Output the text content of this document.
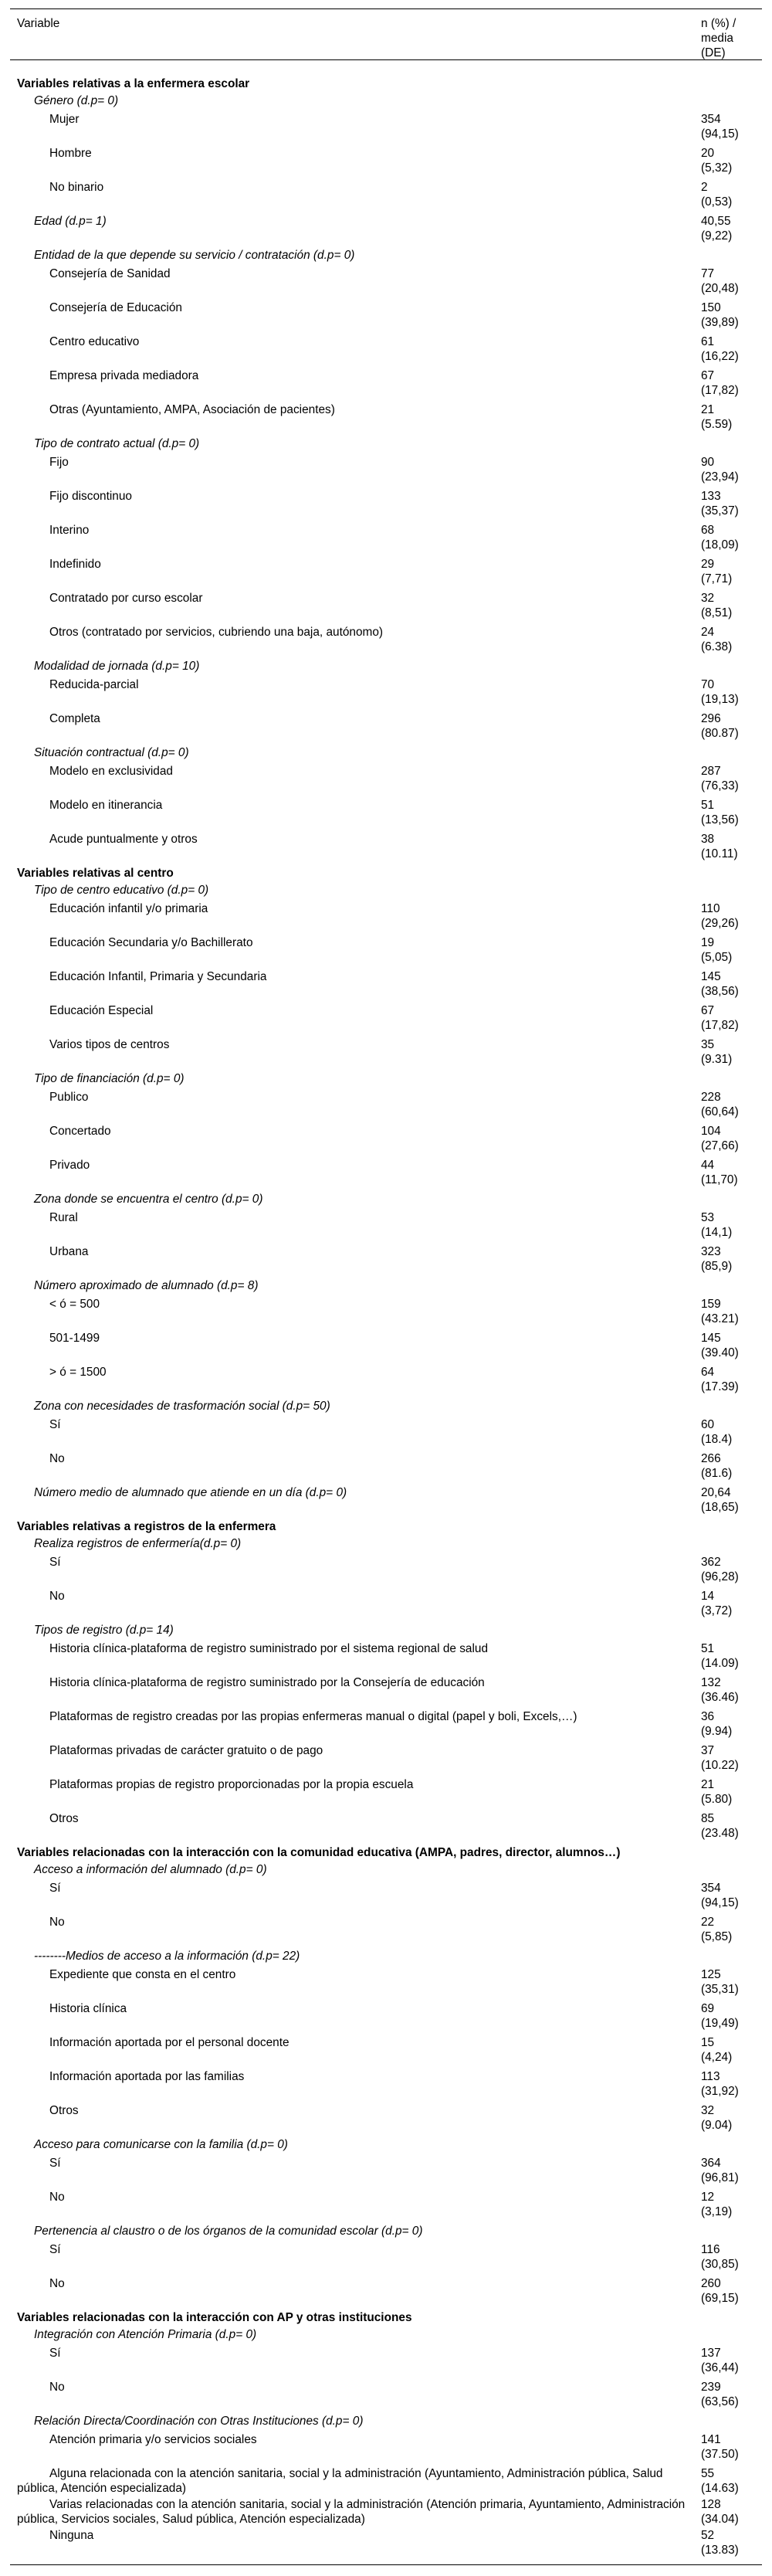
Variable	n (%) /
media
(DE)
Variables relativas a la enfermera escolar
Género (d.p= 0)
Mujer	354
(94,15)
Hombre	20
(5,32)
No binario	2
(0,53)
Edad (d.p= 1)	40,55
(9,22)
Entidad de la que depende su servicio / contratación (d.p= 0)
Consejería de Sanidad	77
(20,48)
Consejería de Educación	150
(39,89)
Centro educativo	61
(16,22)
Empresa privada mediadora	67
(17,82)
Otras (Ayuntamiento, AMPA, Asociación de pacientes)	21
(5.59)
Tipo de contrato actual (d.p= 0)
Fijo	90
(23,94)
Fijo discontinuo	133
(35,37)
Interino	68
(18,09)
Indefinido	29
(7,71)
Contratado por curso escolar	32
(8,51)
Otros (contratado por servicios, cubriendo una baja, autónomo)	24
(6.38)
Modalidad de jornada (d.p= 10)
Reducida-parcial	70
(19,13)
Completa	296
(80.87)
Situación contractual (d.p= 0)
Modelo en exclusividad	287
(76,33)
Modelo en itinerancia	51
(13,56)
Acude puntualmente y otros	38
(10.11)
Variables relativas al centro
Tipo de centro educativo (d.p= 0)
Educación infantil y/o primaria	110
(29,26)
Educación Secundaria y/o Bachillerato	19
(5,05)
Educación Infantil, Primaria y Secundaria	145
(38,56)
Educación Especial	67
(17,82)
Varios tipos de centros	35
(9.31)
Tipo de financiación (d.p= 0)
Publico	228
(60,64)
Concertado	104
(27,66)
Privado	44
(11,70)
Zona donde se encuentra el centro (d.p= 0)
Rural	53
(14,1)
Urbana	323
(85,9)
Número aproximado de alumnado (d.p= 8)
< ó = 500	159
(43.21)
501-1499	145
(39.40)
> ó = 1500	64
(17.39)
Zona con necesidades de trasformación social (d.p= 50)
Sí	60
(18.4)
No	266
(81.6)
Número medio de alumnado que atiende en un día (d.p= 0)	20,64
(18,65)
Variables relativas a registros de la enfermera
Realiza registros de enfermería(d.p= 0)
Sí	362
(96,28)
No	14
(3,72)
Tipos de registro (d.p= 14)
Historia clínica-plataforma de registro suministrado por el sistema regional de salud	51
(14.09)
Historia clínica-plataforma de registro suministrado por la Consejería de educación	132
(36.46)
Plataformas de registro creadas por las propias enfermeras manual o digital (papel y boli, Excels,…)	36
(9.94)
Plataformas privadas de carácter gratuito o de pago	37
(10.22)
Plataformas propias de registro proporcionadas por la propia escuela	21
(5.80)
Otros	85
(23.48)
Variables relacionadas con la interacción con la comunidad educativa (AMPA, padres, director, alumnos…)
Acceso a información del alumnado (d.p= 0)
Sí	354
(94,15)
No	22
(5,85)
--------Medios de acceso a la información (d.p= 22)
Expediente que consta en el centro	125
(35,31)
Historia clínica	69
(19,49)
Información aportada por el personal docente	15
(4,24)
Información aportada por las familias	113
(31,92)
Otros	32
(9.04)
Acceso para comunicarse con la familia (d.p= 0)
Sí	364
(96,81)
No	12
(3,19)
Pertenencia al claustro o de los órganos de la comunidad escolar (d.p= 0)
Sí	116
(30,85)
No	260
(69,15)
Variables relacionadas con la interacción con AP y otras instituciones
Integración con Atención Primaria (d.p= 0)
Sí	137
(36,44)
No	239
(63,56)
Relación Directa/Coordinación con Otras Instituciones (d.p= 0)
Atención primaria y/o servicios sociales	141
(37.50)
Alguna relacionada con la atención sanitaria, social y la administración (Ayuntamiento, Administración pública, Salud pública, Atención especializada)
55
(14.63)
Varias relacionadas con la atención sanitaria, social y la administración (Atención primaria, Ayuntamiento, Administración pública, Servicios sociales, Salud pública, Atención especializada)
128
(34.04)
Ninguna	52
(13.83)
